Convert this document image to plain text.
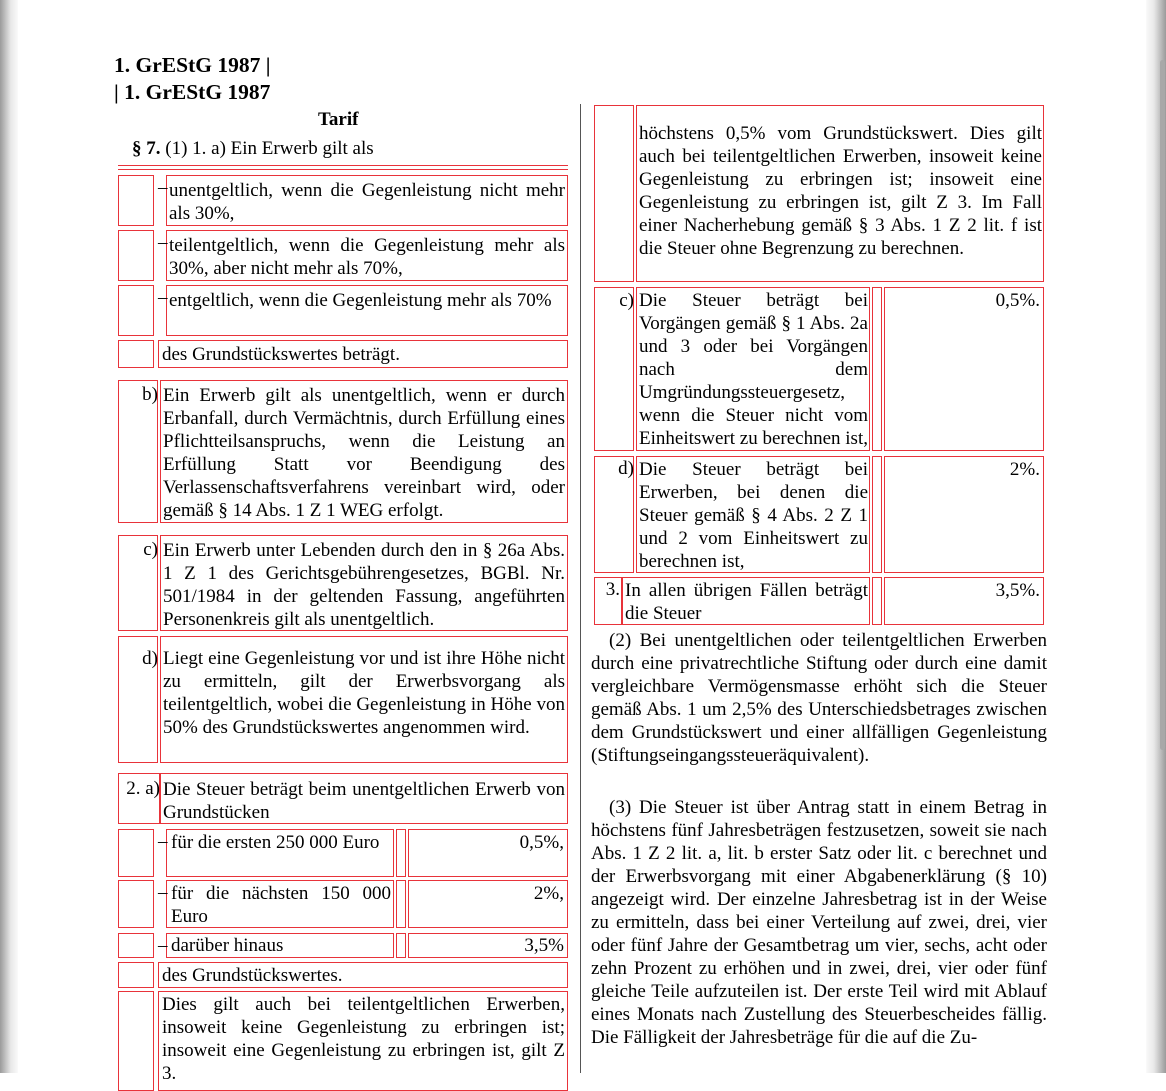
1. GrEStG 1987 |
| 1. GrEStG 1987
Tarif
§ 7. (1) 1. a) Ein Erwerb gilt als
– unentgeltlich, wenn die Gegenleistung nicht mehr als 30%,
– teilentgeltlich, wenn die Gegenleistung mehr als 30%, aber nicht mehr als 70%,
– entgeltlich, wenn die Gegenleistung mehr als 70%
des Grundstückswertes beträgt.
b) Ein Erwerb gilt als unentgeltlich, wenn er durch Erbanfall, durch Vermächtnis, durch Erfüllung eines Pflichtteilsanspruchs, wenn die Leistung an Erfüllung Statt vor Beendigung des Verlassenschaftsverfahrens vereinbart wird, oder gemäß § 14 Abs. 1 Z 1 WEG erfolgt.
c) Ein Erwerb unter Lebenden durch den in § 26a Abs. 1 Z 1 des Gerichtsgebührengesetzes, BGBl. Nr. 501/1984 in der geltenden Fassung, angeführten Personenkreis gilt als unentgeltlich.
d) Liegt eine Gegenleistung vor und ist ihre Höhe nicht zu ermitteln, gilt der Erwerbsvorgang als teilentgeltlich, wobei die Gegenleistung in Höhe von 50% des Grundstückswertes angenommen wird.
2. a) Die Steuer beträgt beim unentgeltlichen Erwerb von Grundstücken
– für die ersten 250 000 Euro	0,5%,
– für die nächsten 150 000 Euro
2%,
– darüber hinaus	3,5%
des Grundstückswertes.
Dies gilt auch bei teilentgeltlichen Erwerben, insoweit keine Gegenleistung zu erbringen ist; insoweit eine Gegenleistung zu erbringen ist, gilt Z 3.
höchstens 0,5% vom Grundstückswert. Dies gilt auch bei teilentgeltlichen Erwerben, insoweit keine Gegenleistung zu erbringen ist; insoweit eine Gegenleistung zu erbringen ist, gilt Z 3. Im Fall einer Nacherhebung gemäß § 3 Abs. 1 Z 2 lit. f ist die Steuer ohne Begrenzung zu berechnen.
c) Die Steuer beträgt bei Vorgängen gemäß § 1 Abs. 2a und 3 oder bei Vorgängen nach dem Umgründungssteuergesetz, wenn die Steuer nicht vom Einheitswert zu berechnen ist,
0,5%.
d) Die Steuer beträgt bei Erwerben, bei denen die Steuer gemäß § 4 Abs. 2 Z 1 und 2 vom Einheitswert zu berechnen ist,
2%.
3. In allen übrigen Fällen beträgt die Steuer
3,5%.
(2) Bei unentgeltlichen oder teilentgeltlichen Erwerben durch eine privatrechtliche Stiftung oder durch eine damit vergleichbare Vermögensmasse erhöht sich die Steuer gemäß Abs. 1 um 2,5% des Unterschiedsbetrages zwischen dem Grundstückswert und einer allfälligen Gegenleistung (Stiftungseingangssteueräquivalent).
(3) Die Steuer ist über Antrag statt in einem Betrag in höchstens fünf Jahresbeträgen festzusetzen, soweit sie nach Abs. 1 Z 2 lit. a, lit. b erster Satz oder lit. c berechnet und der Erwerbsvorgang mit einer Abgabenerklärung (§ 10) angezeigt wird. Der einzelne Jahresbetrag ist in der Weise zu ermitteln, dass bei einer Verteilung auf zwei, drei, vier oder fünf Jahre der Gesamtbetrag um vier, sechs, acht oder zehn Prozent zu erhöhen und in zwei, drei, vier oder fünf gleiche Teile aufzuteilen ist. Der erste Teil wird mit Ablauf eines Monats nach Zustellung des Steuerbescheides fällig. Die Fälligkeit der Jahresbeträge für die auf die Zu-
